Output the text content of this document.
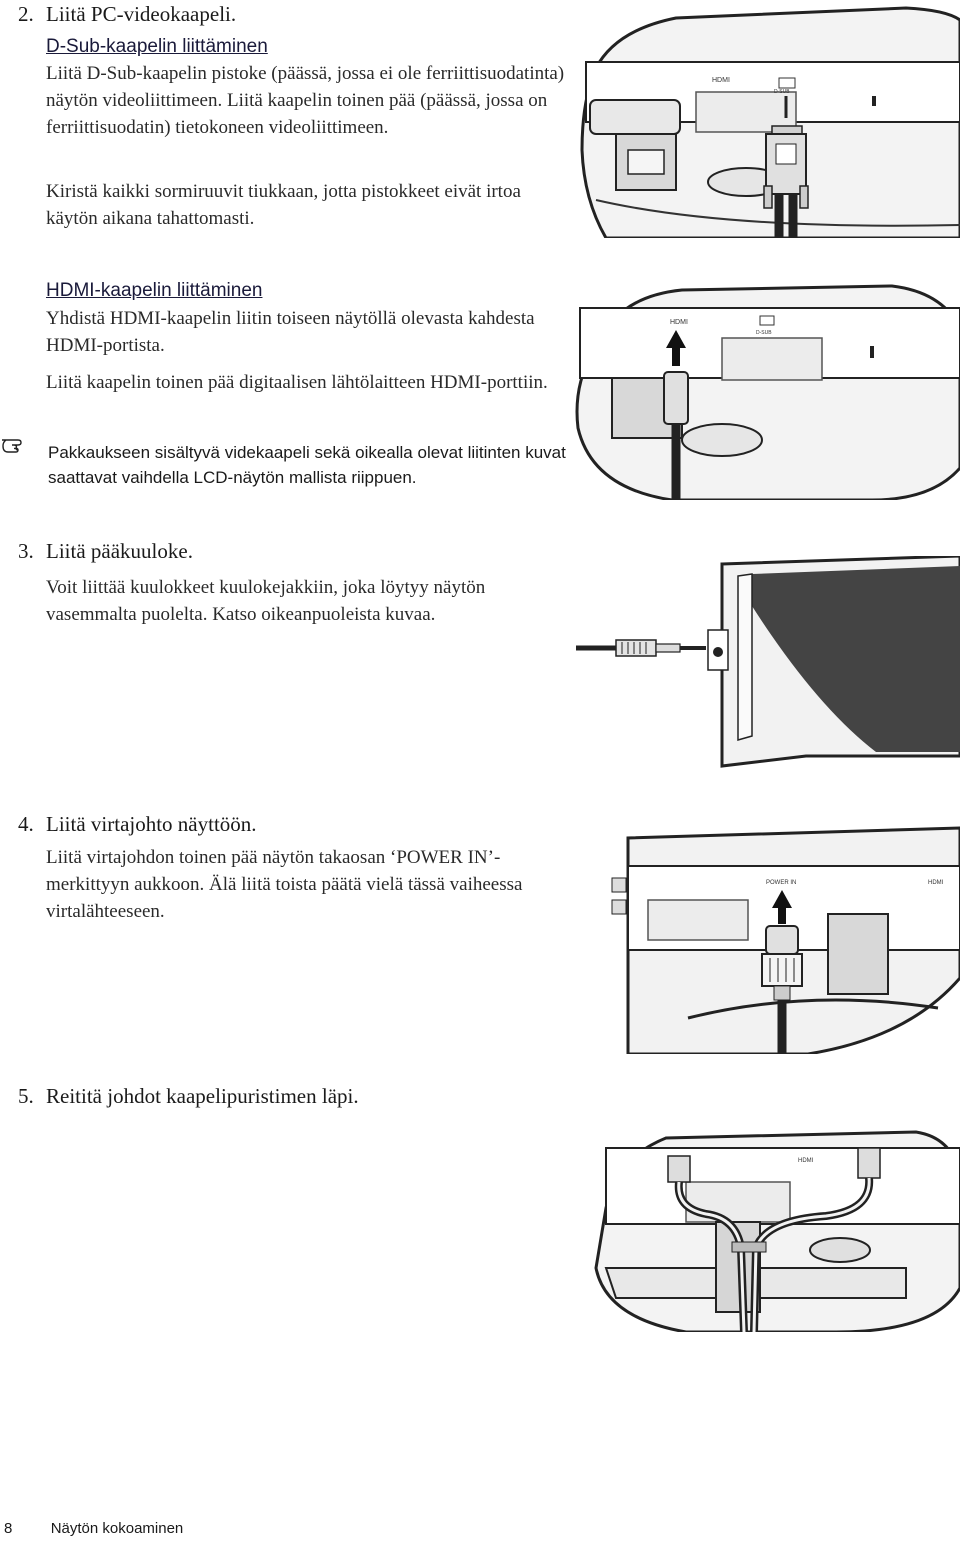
2. Liitä PC-videokaapeli.
D-Sub-kaapelin liittäminen
Liitä D-Sub-kaapelin pistoke (päässä, jossa ei ole ferriittisuodatinta) näytön videoliittimeen. Liitä kaapelin toinen pää (päässä, jossa on ferriittisuodatin) tietokoneen videoliittimeen.
Kiristä kaikki sormiruuvit tiukkaan, jotta pistokkeet eivät irtoa käytön aikana tahattomasti.
HDMI-kaapelin liittäminen
Yhdistä HDMI-kaapelin liitin toiseen näytöllä olevasta kahdesta HDMI-portista.
Liitä kaapelin toinen pää digitaalisen lähtölaitteen HDMI-porttiin.
Pakkaukseen sisältyvä videkaapeli sekä oikealla olevat liitinten kuvat saattavat vaihdella LCD-näytön mallista riippuen.
HDMI
D-SUB
HDMI
D-SUB
3. Liitä pääkuuloke.
Voit liittää kuulokkeet kuulokejakkiin, joka löytyy näytön vasemmalta puolelta. Katso oikeanpuoleista kuvaa.
4. Liitä virtajohto näyttöön.
Liitä virtajohdon toinen pää näytön takaosan ‘POWER IN’-merkittyyn aukkoon. Älä liitä toista päätä vielä tässä vaiheessa virtalähteeseen.
POWER IN	HDMI
5. Reititä johdot kaapelipuristimen läpi.
HDMI
8	Näytön kokoaminen
